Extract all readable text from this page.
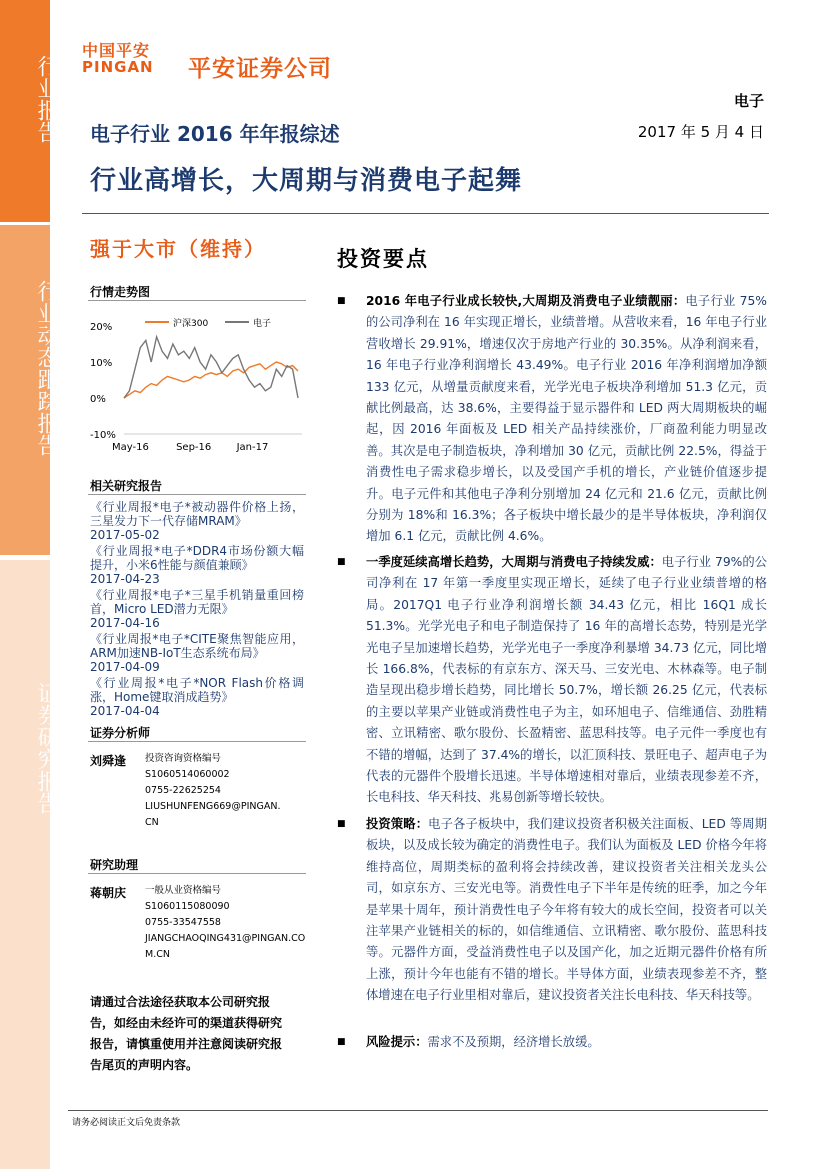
行业报告
行业动态跟踪报告
证券研究报告
中国平安
PINGAN 平安证券公司
电子
2017 年 5 月 4 日
电子行业 2016 年年报综述
行业高增长，大周期与消费电子起舞
强于大市（维持）
行情走势图
20%
10%
0%
-10%
May-16	Sep-16	Jan-17
沪深300	电子
相关研究报告

《行业周报*电子*被动器件价格上扬，三星发力下一代存储MRAM》

2017-05-02

《行业周报*电子*DDR4市场份额大幅提升，小米6性能与颜值兼顾》

2017-04-23

《行业周报*电子*三星手机销量重回榜首，Micro LED潜力无限》

2017-04-16

《行业周报*电子*CITE聚焦智能应用，ARM加速NB-IoT生态系统布局》

2017-04-09

《行业周报*电子*NOR Flash价格调涨，Home键取消成趋势》

2017-04-04

证券分析师
刘舜逢 投资咨询资格编号
S1060514060002
0755-22625254
LIUSHUNFENG669@PINGAN.
CN
研究助理
蒋朝庆 一般从业资格编号
S1060115080090
0755-33547558
JIANGCHAOQING431@PINGAN.CO
M.CN
请通过合法途径获取本公司研究报告，如经由未经许可的渠道获得研究报告，请慎重使用并注意阅读研究报告尾页的声明内容。
投资要点
■ 2016 年电子行业成长较快,大周期及消费电子业绩靓丽：电子行业 75%的公司净利在 16 年实现正增长，业绩普增。从营收来看，16 年电子行业营收增长 29.91%，增速仅次于房地产行业的 30.35%。从净利润来看，16 年电子行业净利润增长 43.49%。电子行业 2016 年净利润增加净额 133 亿元，从增量贡献度来看，光学光电子板块净利增加 51.3 亿元，贡献比例最高，达 38.6%，主要得益于显示器件和 LED 两大周期板块的崛起，因 2016 年面板及 LED 相关产品持续涨价，厂商盈利能力明显改善。其次是电子制造板块，净利增加 30 亿元，贡献比例 22.5%，得益于消费性电子需求稳步增长，以及受国产手机的增长，产业链价值逐步提升。电子元件和其他电子净利分别增加 24 亿元和 21.6 亿元，贡献比例分别为 18%和 16.3%；各子板块中增长最少的是半导体板块，净利润仅增加 6.1 亿元，贡献比例 4.6%。
■ 一季度延续高增长趋势，大周期与消费电子持续发威：电子行业 79%的公司净利在 17 年第一季度里实现正增长，延续了电子行业业绩普增的格局。2017Q1 电子行业净利润增长额 34.43 亿元，相比 16Q1 成长 51.3%。光学光电子和电子制造保持了 16 年的高增长态势，特别是光学光电子呈加速增长趋势，光学光电子一季度净利暴增 34.73 亿元，同比增长 166.8%，代表标的有京东方、深天马、三安光电、木林森等。电子制造呈现出稳步增长趋势，同比增长 50.7%，增长额 26.25 亿元，代表标的主要以苹果产业链或消费性电子为主，如环旭电子、信维通信、劲胜精密、立讯精密、歌尔股份、长盈精密、蓝思科技等。电子元件一季度也有不错的增幅，达到了 37.4%的增长，以汇顶科技、景旺电子、超声电子为代表的元器件个股增长迅速。半导体增速相对靠后，业绩表现参差不齐，长电科技、华天科技、兆易创新等增长较快。
■ 投资策略：电子各子板块中，我们建议投资者积极关注面板、LED 等周期板块，以及成长较为确定的消费性电子。我们认为面板及 LED 价格今年将维持高位，周期类标的盈利将会持续改善，建议投资者关注相关龙头公司，如京东方、三安光电等。消费性电子下半年是传统的旺季，加之今年是苹果十周年，预计消费性电子今年将有较大的成长空间，投资者可以关注苹果产业链相关的标的，如信维通信、立讯精密、歌尔股份、蓝思科技等。元器件方面，受益消费性电子以及国产化，加之近期元器件价格有所上涨，预计今年也能有不错的增长。半导体方面，业绩表现参差不齐，整体增速在电子行业里相对靠后，建议投资者关注长电科技、华天科技等。
■ 风险提示：需求不及预期，经济增长放缓。
请务必阅读正文后免责条款
